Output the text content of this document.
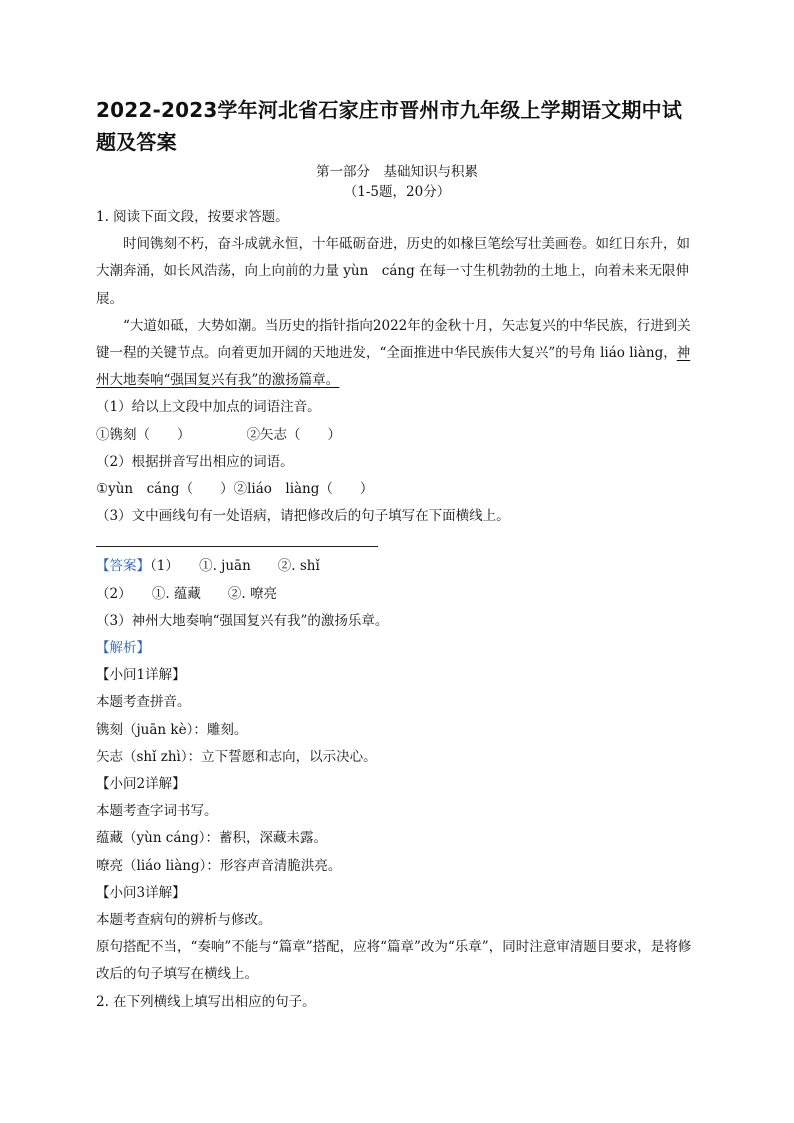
2022-2023学年河北省石家庄市晋州市九年级上学期语文期中试题及答案
第一部分　基础知识与积累
（1-5题，20分）
1. 阅读下面文段，按要求答题。

时间镌刻不朽，奋斗成就永恒，十年砥砺奋进，历史的如椽巨笔绘写壮美画卷。如红日东升，如大潮奔涌，如长风浩荡，向上向前的力量 yùn　cáng 在每一寸生机勃勃的土地上，向着未来无限伸展。

“大道如砥，大势如潮。当历史的指针指向2022年的金秋十月，矢志复兴的中华民族，行进到关键一程的关键节点。向着更加开阔的天地进发，“全面推进中华民族伟大复兴”的号角 liáo liàng，神州大地奏响“强国复兴有我”的激扬篇章。

（1）给以上文段中加点的词语注音。
①镌刻（　　）	②矢志（　　）
（2）根据拼音写出相应的词语。
①yùn　cáng（　　）②liáo　liàng（　　）
（3）文中画线句有一处语病，请把修改后的句子填写在下面横线上。
【答案】（1）　　①. juān　　②. shǐ
（2）　　①. 蕴藏　　②. 嘹亮
（3）神州大地奏响“强国复兴有我”的激扬乐章。
【解析】
【小问1详解】
本题考查拼音。
镌刻（juān kè）：雕刻。
矢志（shǐ zhì）：立下誓愿和志向，以示决心。
【小问2详解】
本题考查字词书写。
蕴藏（yùn cáng）：蓄积，深藏未露。
嘹亮（liáo liàng）：形容声音清脆洪亮。
【小问3详解】
本题考查病句的辨析与修改。

原句搭配不当，“奏响”不能与“篇章”搭配，应将“篇章”改为“乐章”，同时注意审清题目要求，是将修改后的句子填写在横线上。

2. 在下列横线上填写出相应的句子。
